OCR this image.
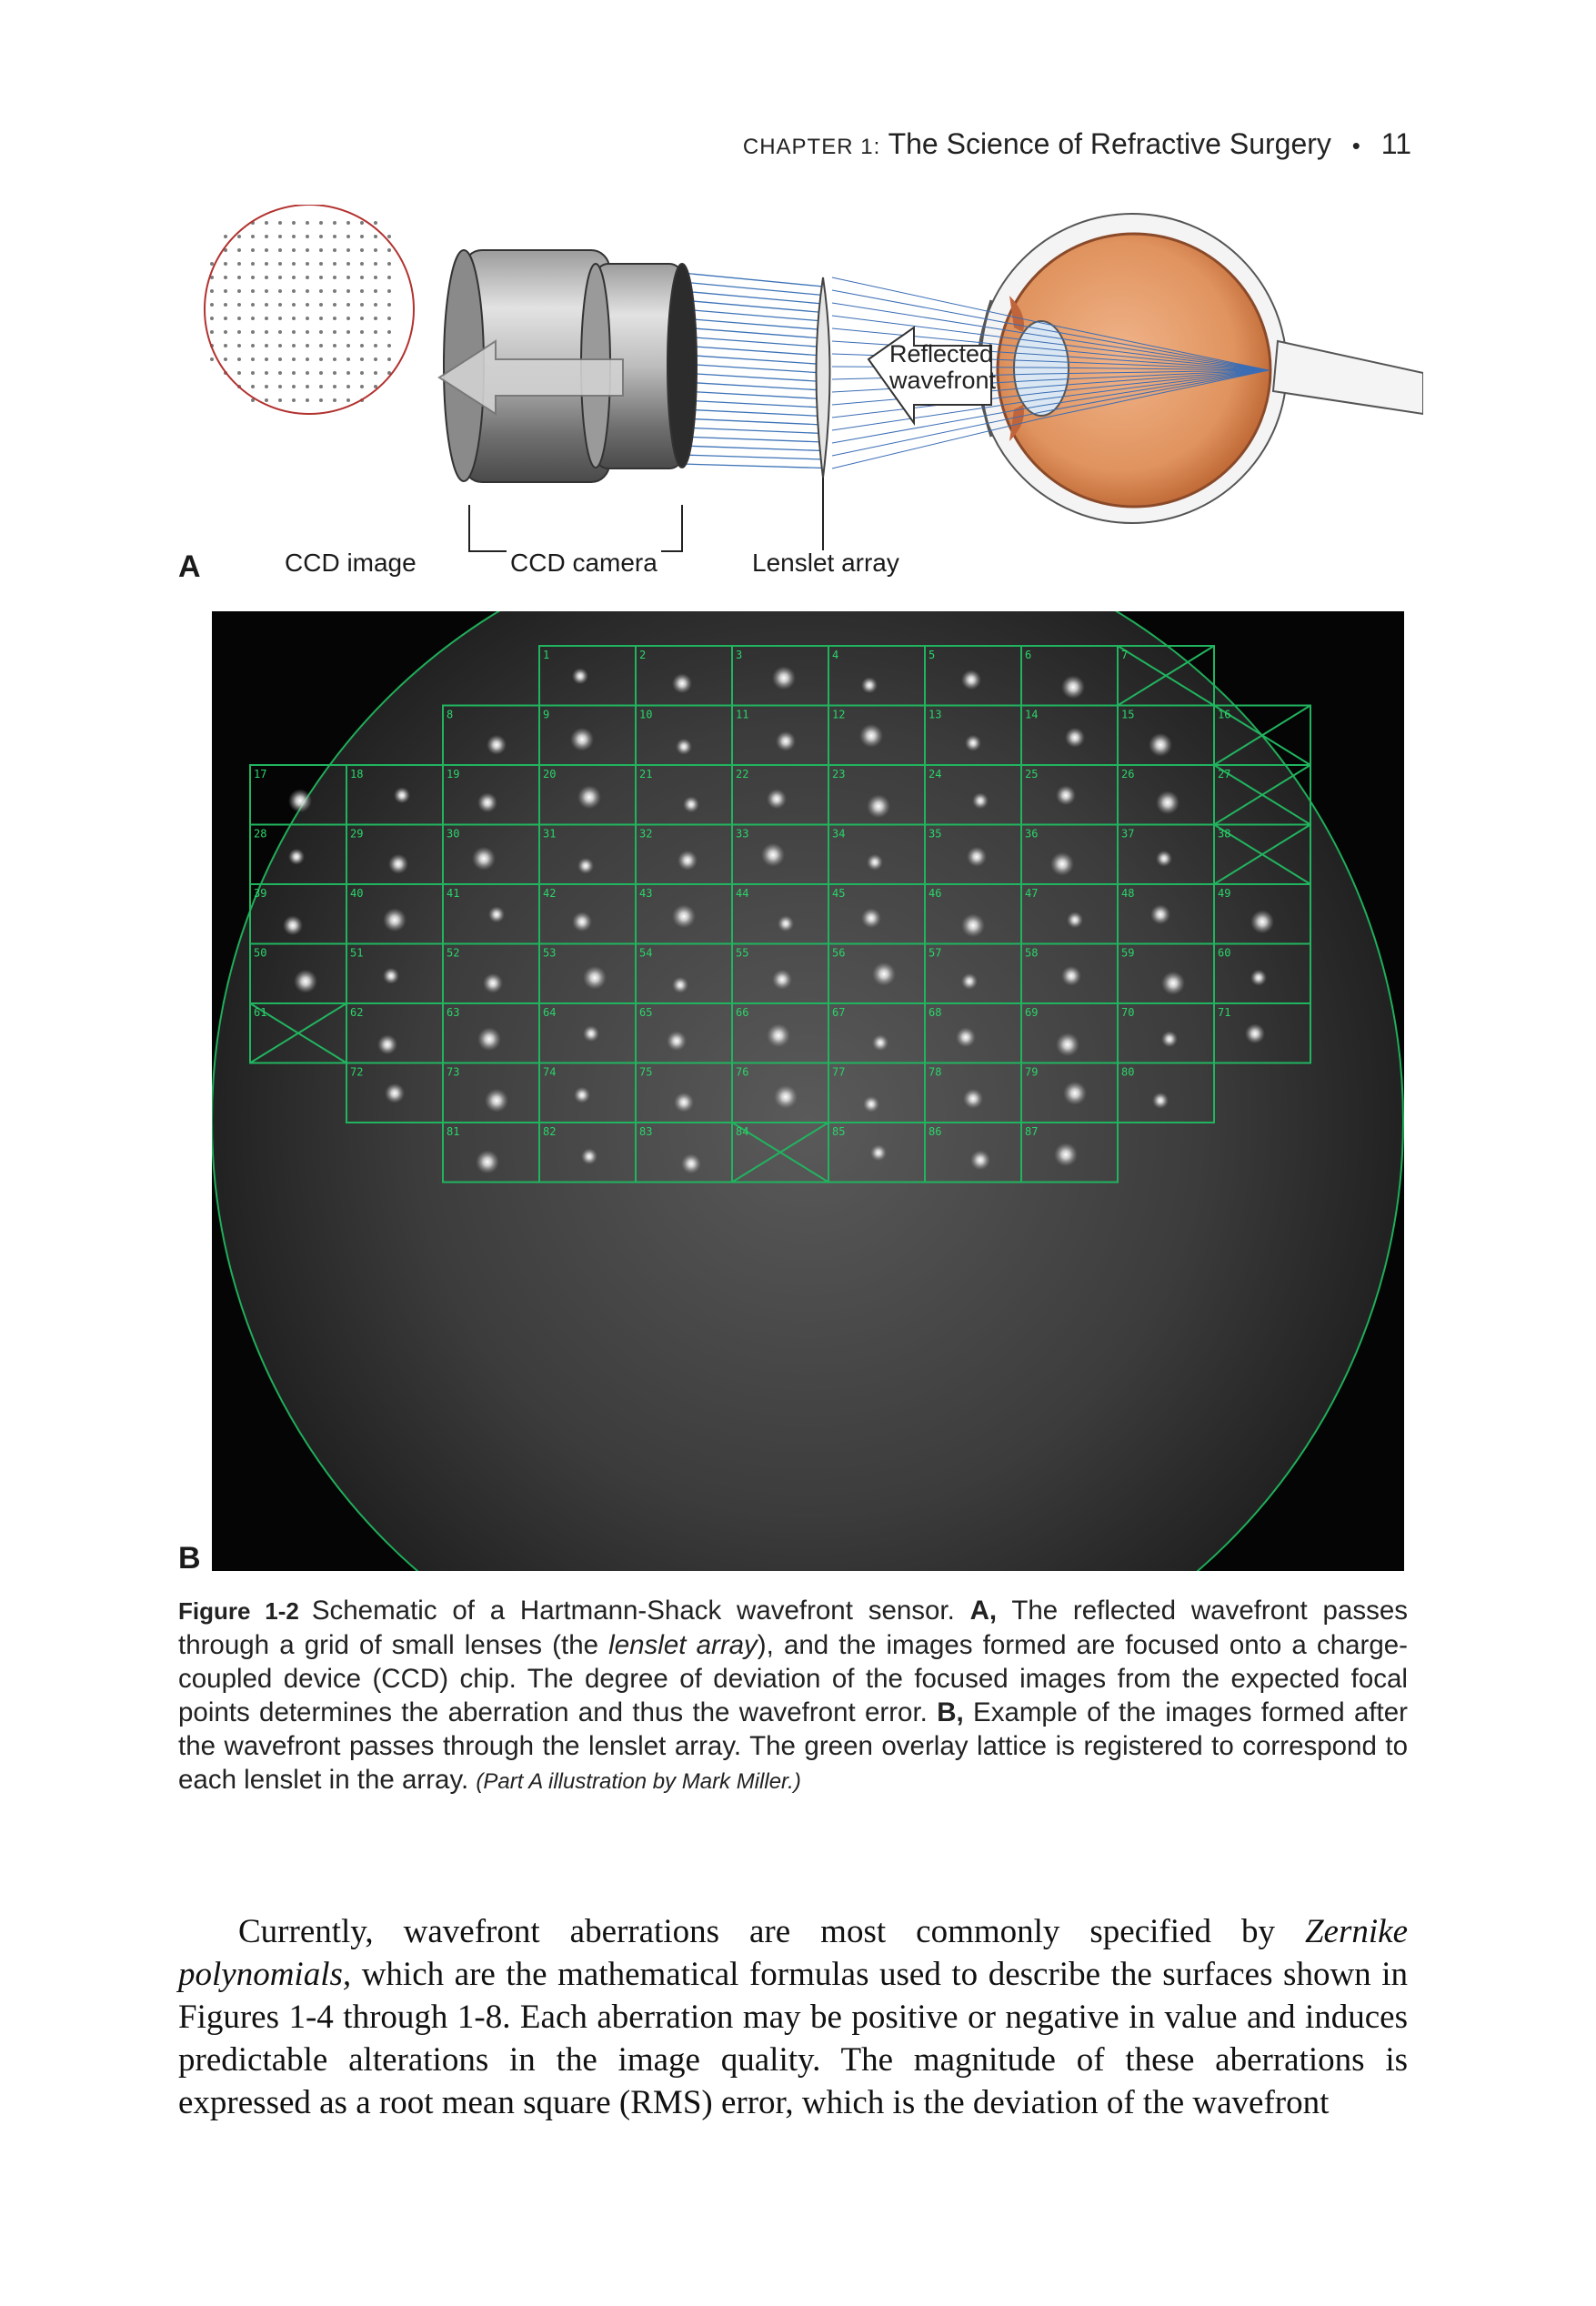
CHAPTER 1: The Science of Refractive Surgery • 11
A
Reflected
wavefront
CCD image	CCD camera	Lenslet array
B
1	2	3	4	5	6	7
8	9	10	11	12	13	14	15	16
17	18	19	20	21	22	23	24	25	26	27
28	29	30	31	32	33	34	35	36	37	38
39	40	41	42	43	44	45	46	47	48	49
50	51	52	53	54	55	56	57	58	59	60
61	62	63	64	65	66	67	68	69	70	71
72	73	74	75	76	77	78	79	80
81	82	83	84	85	86	87
Figure 1-2 Schematic of a Hartmann-Shack wavefront sensor. A, The reflected wavefront passes through a grid of small lenses (the lenslet array), and the images formed are focused onto a charge-coupled device (CCD) chip. The degree of deviation of the focused images from the expected focal points determines the aberration and thus the wavefront error. B, Example of the images formed after the wavefront passes through the lenslet array. The green overlay lattice is registered to correspond to each lenslet in the array. (Part A illustration by Mark Miller.)
Currently, wavefront aberrations are most commonly specified by Zernike polynomials, which are the mathematical formulas used to describe the surfaces shown in Figures 1-4 through 1-8. Each aberration may be positive or negative in value and induces predictable alterations in the image quality. The magnitude of these aberrations is expressed as a root mean square (RMS) error, which is the deviation of the wavefront
